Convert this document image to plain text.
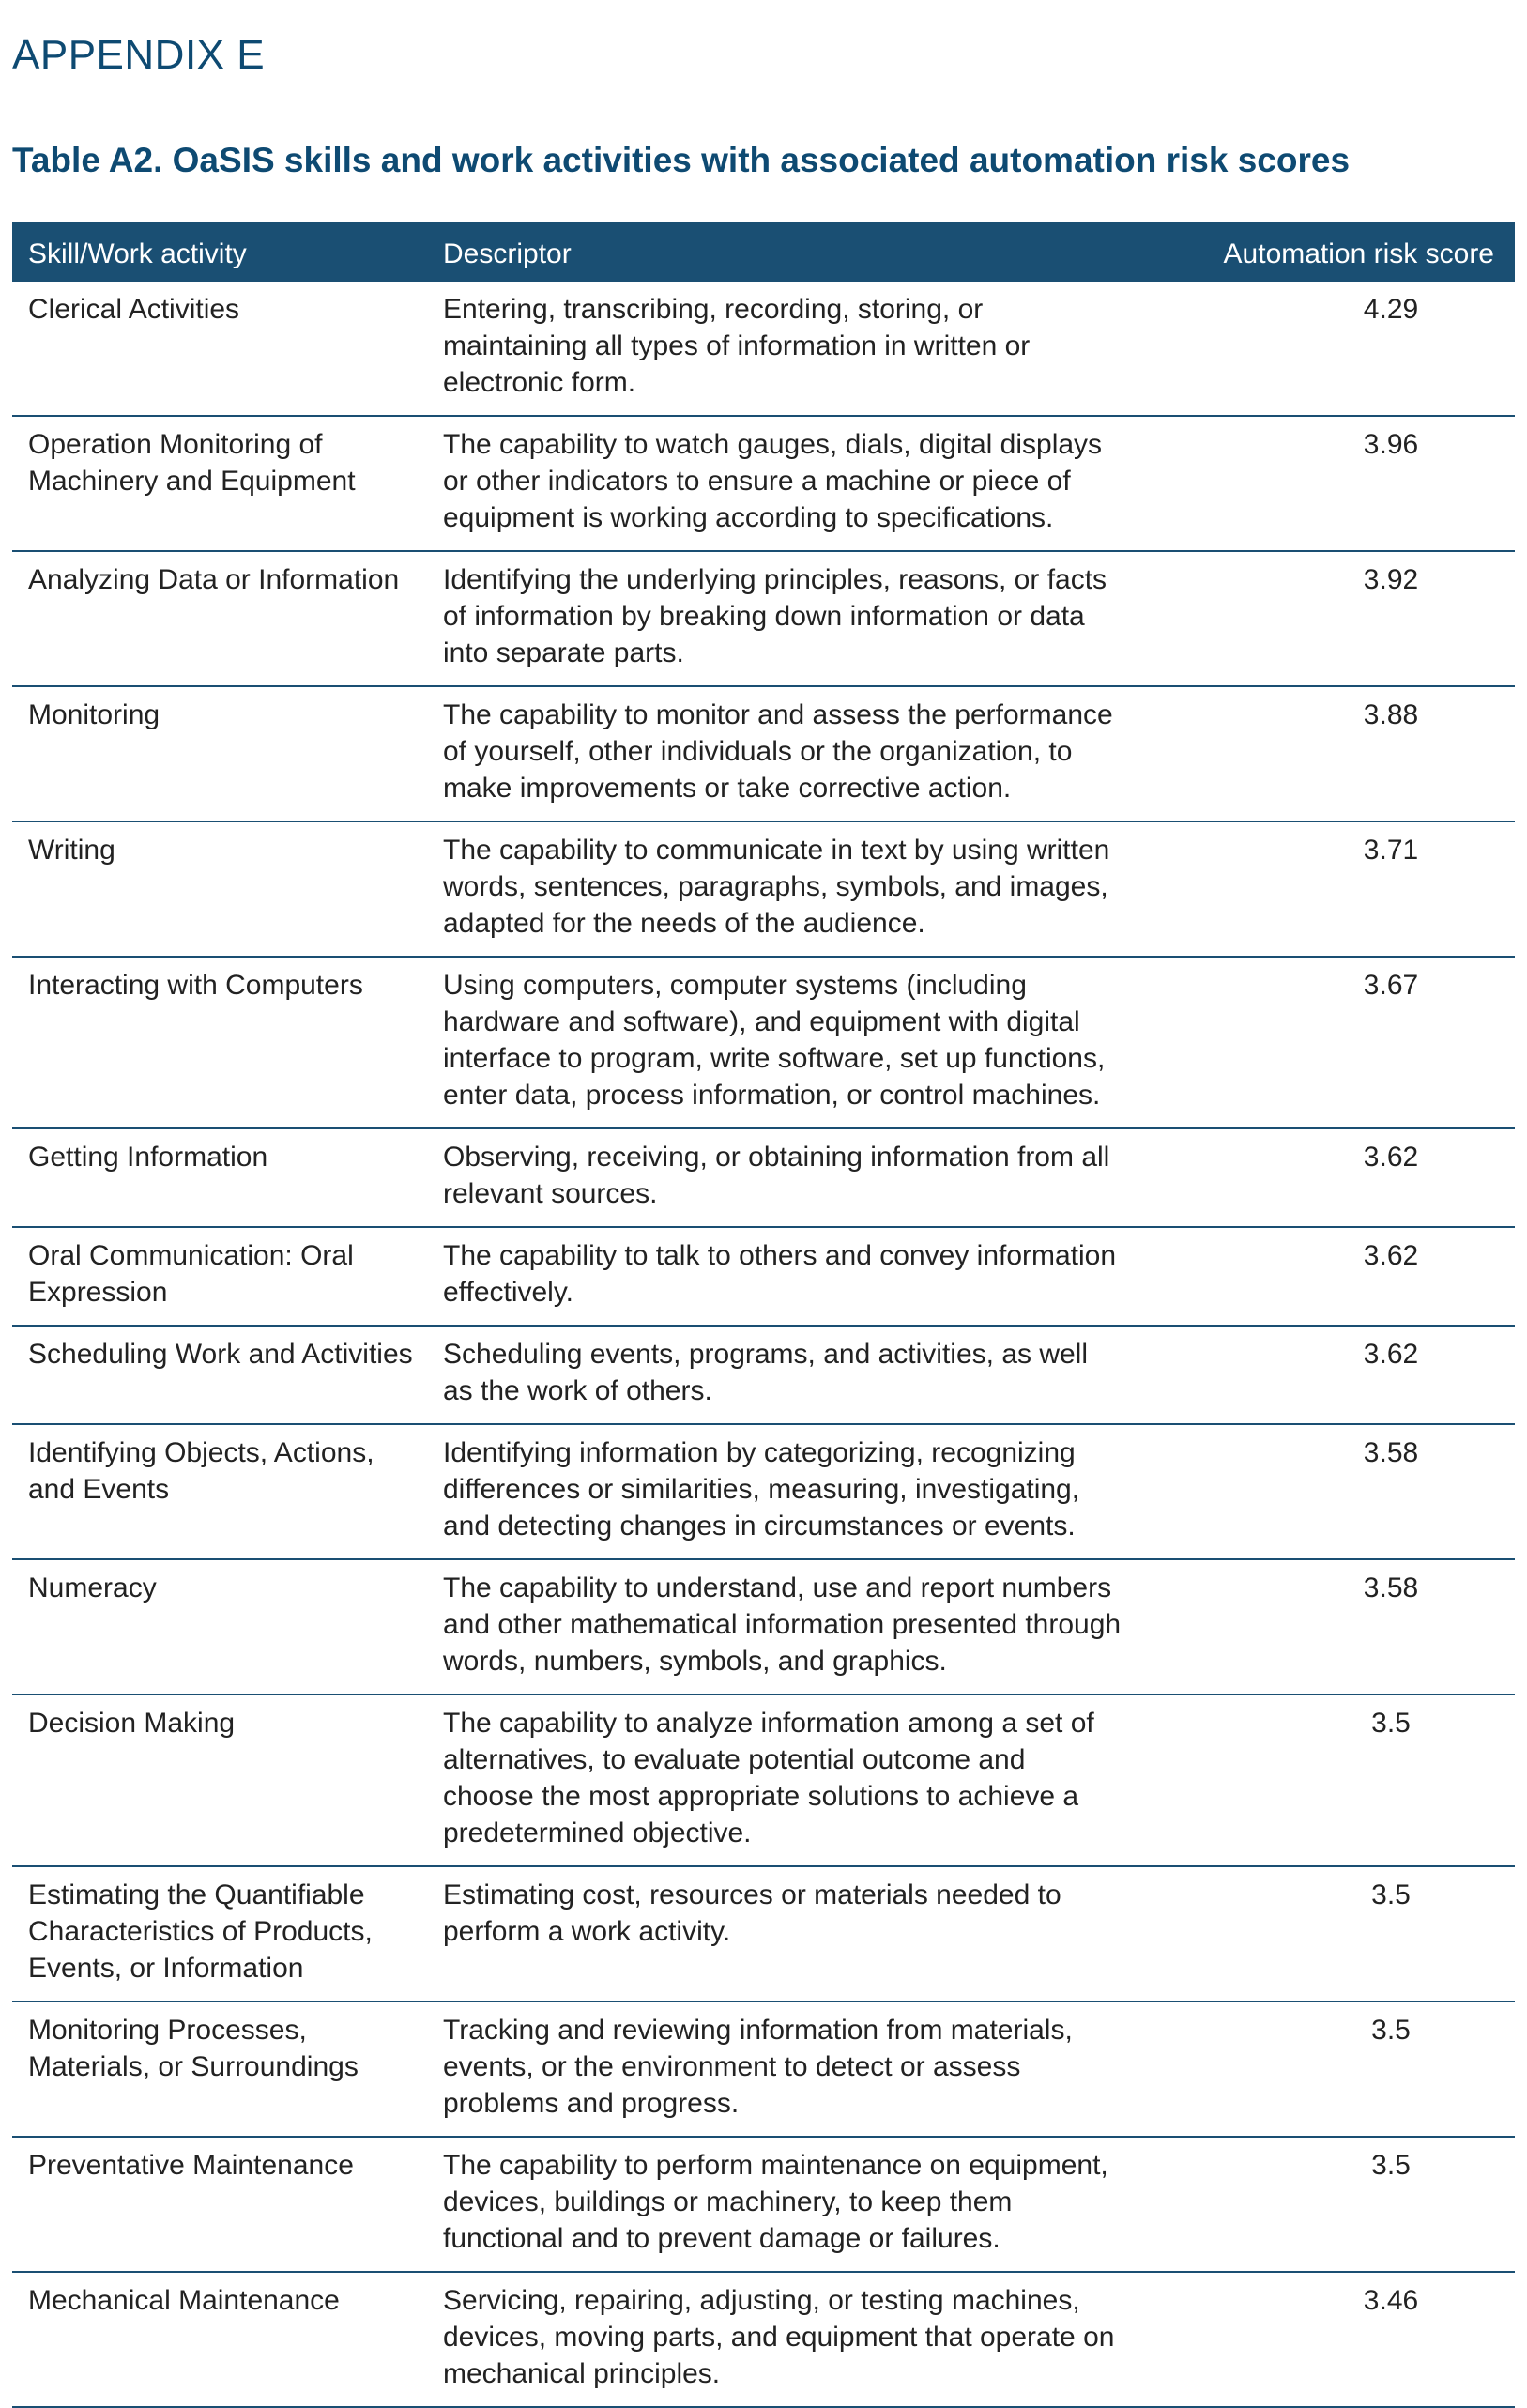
APPENDIX E
Table A2. OaSIS skills and work activities with associated automation risk scores
Skill/Work activity	Descriptor	Automation risk score
Clerical Activities	Entering, transcribing, recording, storing, or maintaining all types of information in written or electronic form.	4.29
Operation Monitoring of Machinery and Equipment	The capability to watch gauges, dials, digital displays or other indicators to ensure a machine or piece of equipment is working according to specifications.	3.96
Analyzing Data or Information	Identifying the underlying principles, reasons, or facts of information by breaking down information or data into separate parts.	3.92
Monitoring	The capability to monitor and assess the performance of yourself, other individuals or the organization, to make improvements or take corrective action.	3.88
Writing	The capability to communicate in text by using written words, sentences, paragraphs, symbols, and images, adapted for the needs of the audience.	3.71
Interacting with Computers	Using computers, computer systems (including hardware and software), and equipment with digital interface to program, write software, set up functions, enter data, process information, or control machines.	3.67
Getting Information	Observing, receiving, or obtaining information from all relevant sources.	3.62
Oral Communication: Oral Expression	The capability to talk to others and convey information effectively.	3.62
Scheduling Work and Activities	Scheduling events, programs, and activities, as well as the work of others.	3.62
Identifying Objects, Actions, and Events	Identifying information by categorizing, recognizing differences or similarities, measuring, investigating, and detecting changes in circumstances or events.	3.58
Numeracy	The capability to understand, use and report numbers and other mathematical information presented through words, numbers, symbols, and graphics.	3.58
Decision Making	The capability to analyze information among a set of alternatives, to evaluate potential outcome and choose the most appropriate solutions to achieve a predetermined objective.	3.5
Estimating the Quantifiable Characteristics of Products, Events, or Information	Estimating cost, resources or materials needed to perform a work activity.	3.5
Monitoring Processes, Materials, or Surroundings	Tracking and reviewing information from materials, events, or the environment to detect or assess problems and progress.	3.5
Preventative Maintenance	The capability to perform maintenance on equipment, devices, buildings or machinery, to keep them functional and to prevent damage or failures.	3.5
Mechanical Maintenance	Servicing, repairing, adjusting, or testing machines, devices, moving parts, and equipment that operate on mechanical principles.	3.46
